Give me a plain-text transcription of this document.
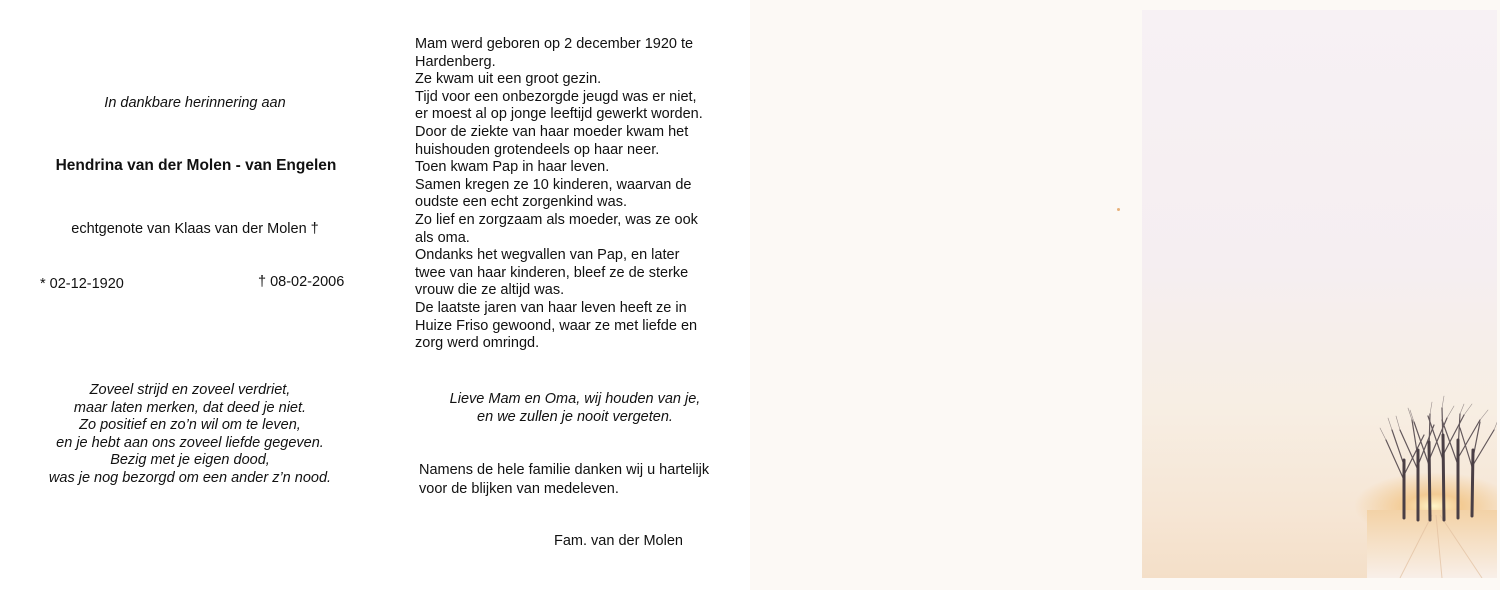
In dankbare herinnering aan
Hendrina van der Molen - van Engelen
echtgenote van Klaas van der Molen †
* 02-12-1920	† 08-02-2006
Zoveel strijd en zoveel verdriet,
maar laten merken, dat deed je niet.
Zo positief en zo’n wil om te leven,
en je hebt aan ons zoveel liefde gegeven.
Bezig met je eigen dood,
was je nog bezorgd om een ander z’n nood.
Mam werd geboren op 2 december 1920 te
Hardenberg.
Ze kwam uit een groot gezin.
Tijd voor een onbezorgde jeugd was er niet,
er moest al op jonge leeftijd gewerkt worden.
Door de ziekte van haar moeder kwam het
huishouden grotendeels op haar neer.
Toen kwam Pap in haar leven.
Samen kregen ze 10 kinderen, waarvan de
oudste een echt zorgenkind was.
Zo lief en zorgzaam als moeder, was ze ook
als oma.
Ondanks het wegvallen van Pap, en later
twee van haar kinderen, bleef ze de sterke
vrouw die ze altijd was.
De laatste jaren van haar leven heeft ze in
Huize Friso gewoond, waar ze met liefde en
zorg werd omringd.
Lieve Mam en Oma, wij houden van je,
en we zullen je nooit vergeten.
Namens de hele familie danken wij u hartelijk
voor de blijken van medeleven.
Fam. van der Molen
